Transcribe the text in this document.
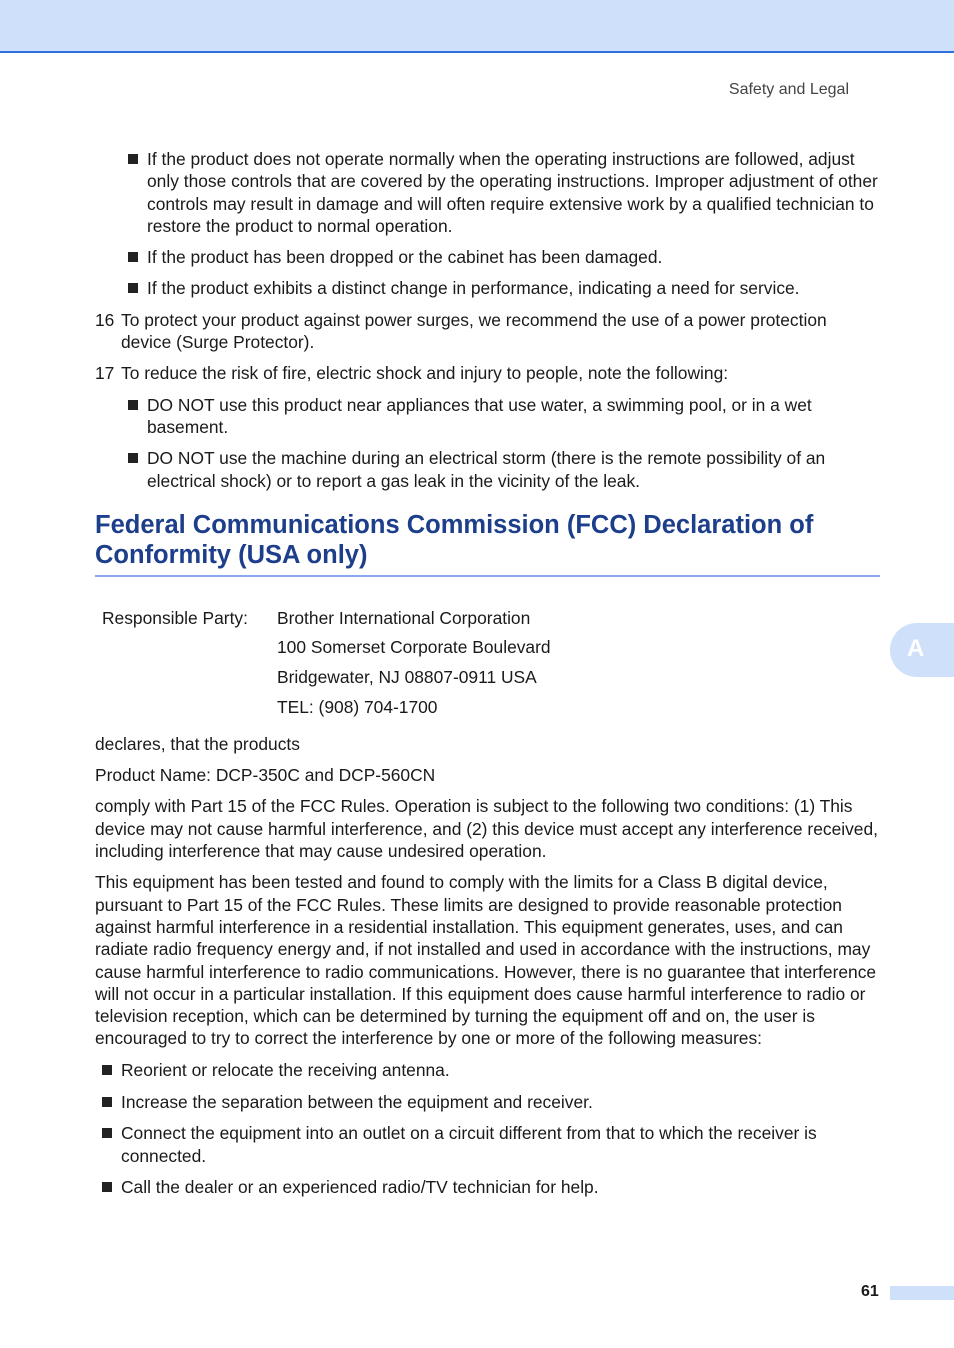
Safety and Legal
If the product does not operate normally when the operating instructions are followed, adjust only those controls that are covered by the operating instructions. Improper adjustment of other controls may result in damage and will often require extensive work by a qualified technician to restore the product to normal operation.
If the product has been dropped or the cabinet has been damaged.
If the product exhibits a distinct change in performance, indicating a need for service.
16 To protect your product against power surges, we recommend the use of a power protection device (Surge Protector).
17 To reduce the risk of fire, electric shock and injury to people, note the following:
DO NOT use this product near appliances that use water, a swimming pool, or in a wet basement.
DO NOT use the machine during an electrical storm (there is the remote possibility of an electrical shock) or to report a gas leak in the vicinity of the leak.
Federal Communications Commission (FCC) Declaration of Conformity (USA only)
Responsible Party: Brother International Corporation
100 Somerset Corporate Boulevard
Bridgewater, NJ 08807-0911 USA
TEL: (908) 704-1700
declares, that the products
Product Name: DCP-350C and DCP-560CN
comply with Part 15 of the FCC Rules. Operation is subject to the following two conditions: (1) This device may not cause harmful interference, and (2) this device must accept any interference received, including interference that may cause undesired operation.
This equipment has been tested and found to comply with the limits for a Class B digital device, pursuant to Part 15 of the FCC Rules. These limits are designed to provide reasonable protection against harmful interference in a residential installation. This equipment generates, uses, and can radiate radio frequency energy and, if not installed and used in accordance with the instructions, may cause harmful interference to radio communications. However, there is no guarantee that interference will not occur in a particular installation. If this equipment does cause harmful interference to radio or television reception, which can be determined by turning the equipment off and on, the user is encouraged to try to correct the interference by one or more of the following measures:
Reorient or relocate the receiving antenna.
Increase the separation between the equipment and receiver.
Connect the equipment into an outlet on a circuit different from that to which the receiver is connected.
Call the dealer or an experienced radio/TV technician for help.
A
61
